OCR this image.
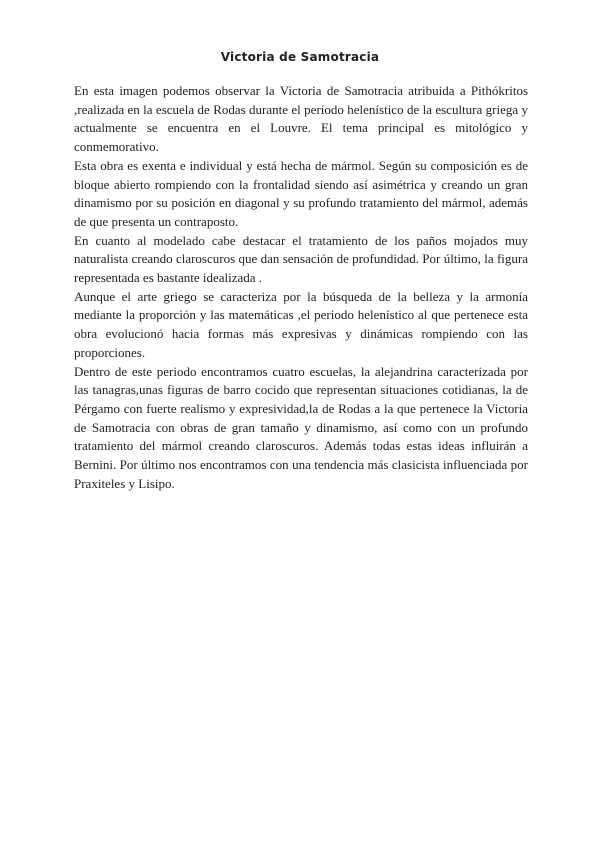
Victoria de Samotracia

En esta imagen podemos observar la Victoria de Samotracia atribuida a Pithókritos ,realizada en la escuela de Rodas durante el período helenístico de la escultura griega y actualmente se encuentra en el Louvre. El tema principal es mitológico y conmemorativo.

Esta obra es exenta e individual y está hecha de mármol. Según su composición es de bloque abierto rompiendo con la frontalidad siendo así asimétrica y creando un gran dinamismo por su posición en diagonal y su profundo tratamiento del mármol, además de que presenta un contraposto.

En cuanto al modelado cabe destacar el tratamiento de los paños mojados muy naturalista creando claroscuros que dan sensación de profundidad. Por último, la figura representada es bastante idealizada .

Aunque el arte griego se caracteriza por la búsqueda de la belleza y la armonía mediante la proporción y las matemáticas ,el periodo helenístico al que pertenece esta obra evolucionó hacia formas más expresivas y dinámicas rompiendo con las proporciones.

Dentro de este periodo encontramos cuatro escuelas, la alejandrina caracterizada por las tanagras,unas figuras de barro cocido que representan situaciones cotidianas, la de Pérgamo con fuerte realismo y expresividad,la de Rodas a la que pertenece la Victoria de Samotracia con obras de gran tamaño y dinamismo, así como con un profundo tratamiento del mármol creando claroscuros. Además todas estas ideas influirán a Bernini. Por último nos encontramos con una tendencia más clasicista influenciada por Praxiteles y Lisipo.
